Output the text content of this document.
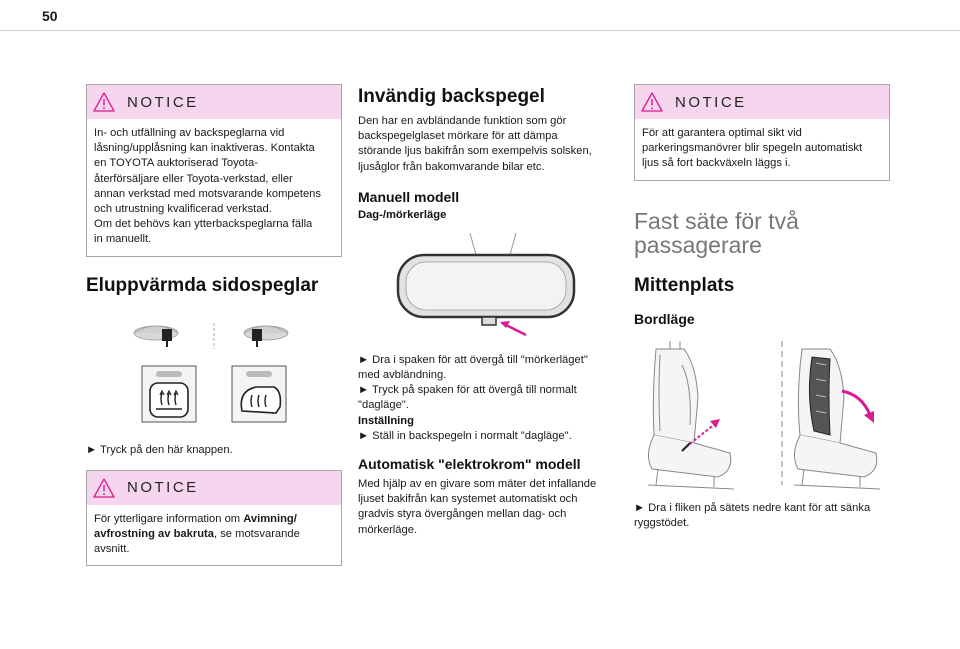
50
NOTICE
In- och utfällning av backspeglarna vid
låsning/upplåsning kan inaktiveras. Kontakta
en TOYOTA auktoriserad Toyota-
återförsäljare eller Toyota-verkstad, eller
annan verkstad med motsvarande kompetens
och utrustning kvalificerad verkstad.
Om det behövs kan ytterbackspeglarna fälla
in manuellt.
Eluppvärmda sidospeglar
► Tryck på den här knappen.
NOTICE
För ytterligare information om Avimning/
avfrostning av bakruta, se motsvarande
avsnitt.
Invändig backspegel
Den har en avbländande funktion som gör
backspegelglaset mörkare för att dämpa
störande ljus bakifrån som exempelvis solsken,
ljusåglor från bakomvarande bilar etc.
Manuell modell
Dag-/mörkerläge
► Dra i spaken för att övergå till "mörkerläget"
med avbländning.
► Tryck på spaken för att övergå till normalt
"dagläge".
Inställning
► Ställ in backspegeln i normalt "dagläge".
Automatisk "elektrokrom" modell
Med hjälp av en givare som mäter det infallande
ljuset bakifrån kan systemet automatiskt och
gradvis styra övergången mellan dag- och
mörkerläge.
NOTICE
För att garantera optimal sikt vid
parkeringsmanövrer blir spegeln automatiskt
ljus så fort backväxeln läggs i.
Fast säte för två
passagerare
Mittenplats
Bordläge
► Dra i fliken på sätets nedre kant för att sänka
ryggstödet.
